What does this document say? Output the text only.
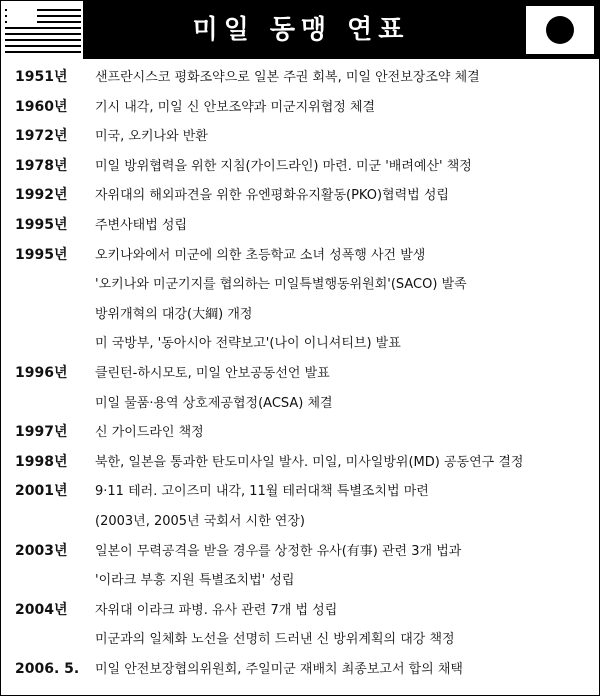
미일 동맹 연표
1951년 샌프란시스코 평화조약으로 일본 주권 회복, 미일 안전보장조약 체결
1960년 기시 내각, 미일 신 안보조약과 미군지위협정 체결
1972년 미국, 오키나와 반환
1978년 미일 방위협력을 위한 지침(가이드라인) 마련. 미군 '배려예산' 책정
1992년 자위대의 해외파견을 위한 유엔평화유지활동(PKO)협력법 성립
1995년 주변사태법 성립
1995년 오키나와에서 미군에 의한 초등학교 소녀 성폭행 사건 발생
'오키나와 미군기지를 협의하는 미일특별행동위원회'(SACO) 발족
방위개혁의 대강(大綱) 개정
미 국방부, '동아시아 전략보고'(나이 이니셔티브) 발표
1996년 클린턴-하시모토, 미일 안보공동선언 발표
미일 물품·용역 상호제공협정(ACSA) 체결
1997년 신 가이드라인 책정
1998년 북한, 일본을 통과한 탄도미사일 발사. 미일, 미사일방위(MD) 공동연구 결정
2001년 9·11 테러. 고이즈미 내각, 11월 테러대책 특별조치법 마련
(2003년, 2005년 국회서 시한 연장)
2003년 일본이 무력공격을 받을 경우를 상정한 유사(有事) 관련 3개 법과
'이라크 부흥 지원 특별조치법' 성립
2004년 자위대 이라크 파병. 유사 관련 7개 법 성립
미군과의 일체화 노선을 선명히 드러낸 신 방위계획의 대강 책정
2006. 5. 미일 안전보장협의위원회, 주일미군 재배치 최종보고서 합의 채택
